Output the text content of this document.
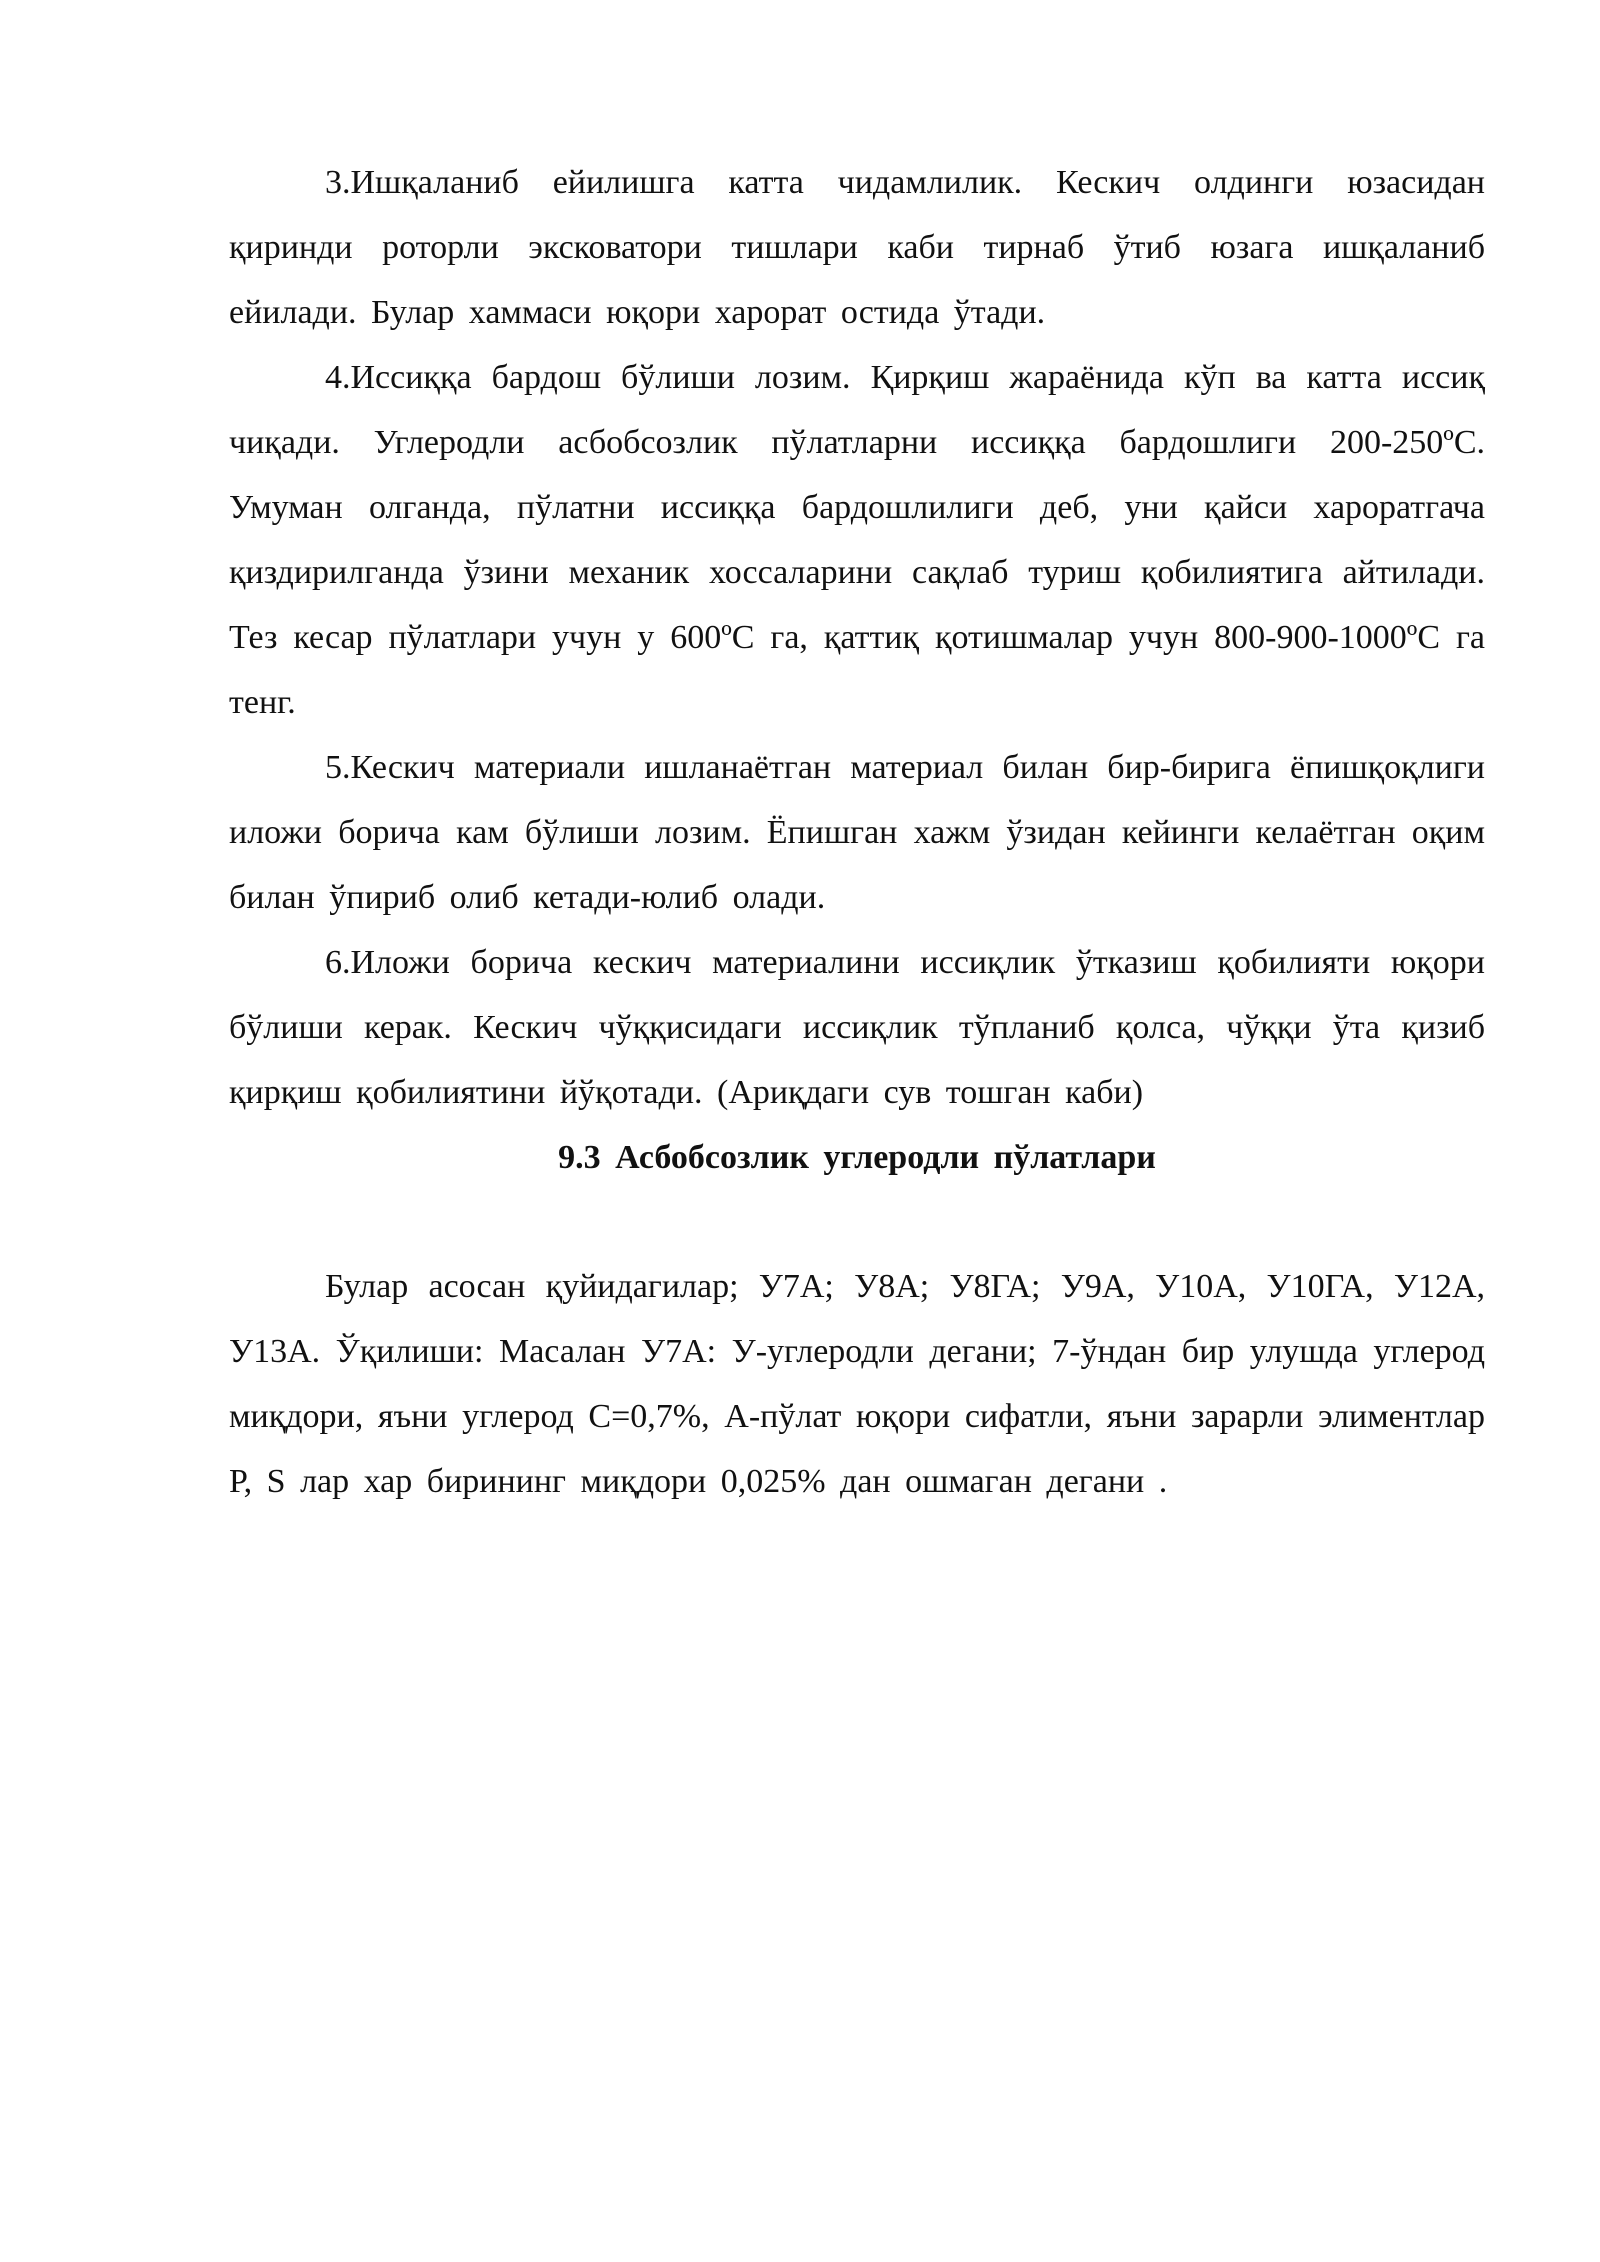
3.Ишқаланиб ейилишга катта чидамлилик. Кескич олдинги юзасидан қиринди роторли эксковатори тишлари каби тирнаб ўтиб юзага ишқаланиб ейилади. Булар хаммаси юқори харорат остида ўтади.

4.Иссиққа бардош бўлиши лозим. Қирқиш жараёнида кўп ва катта иссиқ чиқади. Углеродли асбобсозлик пўлатларни иссиққа бардошлиги 200-250ºС. Умуман олганда, пўлатни иссиққа бардошлилиги деб, уни қайси хароратгача қиздирилганда ўзини механик хоссаларини сақлаб туриш қобилиятига айтилади. Тез кесар пўлатлари учун у 600ºС га, қаттиқ қотишмалар учун 800-900-1000ºС га тенг.

5.Кескич материали ишланаётган материал билан бир-бирига ёпишқоқлиги иложи борича кам бўлиши лозим. Ёпишган хажм ўзидан кейинги келаётган оқим билан ўпириб олиб кетади-юлиб олади.

6.Иложи борича кескич материалини иссиқлик ўтказиш қобилияти юқори бўлиши керак. Кескич чўққисидаги иссиқлик тўпланиб қолса, чўққи ўта қизиб қирқиш қобилиятини йўқотади. (Ариқдаги сув тошган каби)

9.3 Асбобсозлик углеродли пўлатлари

Булар асосан қуйидагилар; У7А; У8А; У8ГА; У9А, У10А, У10ГА, У12А, У13А. Ўқилиши: Масалан У7А: У-углеродли дегани; 7-ўндан бир улушда углерод миқдори, яъни углерод С=0,7%, А-пўлат юқори сифатли, яъни зарарли элиментлар Р, S лар хар бирининг миқдори 0,025% дан ошмаган дегани .
